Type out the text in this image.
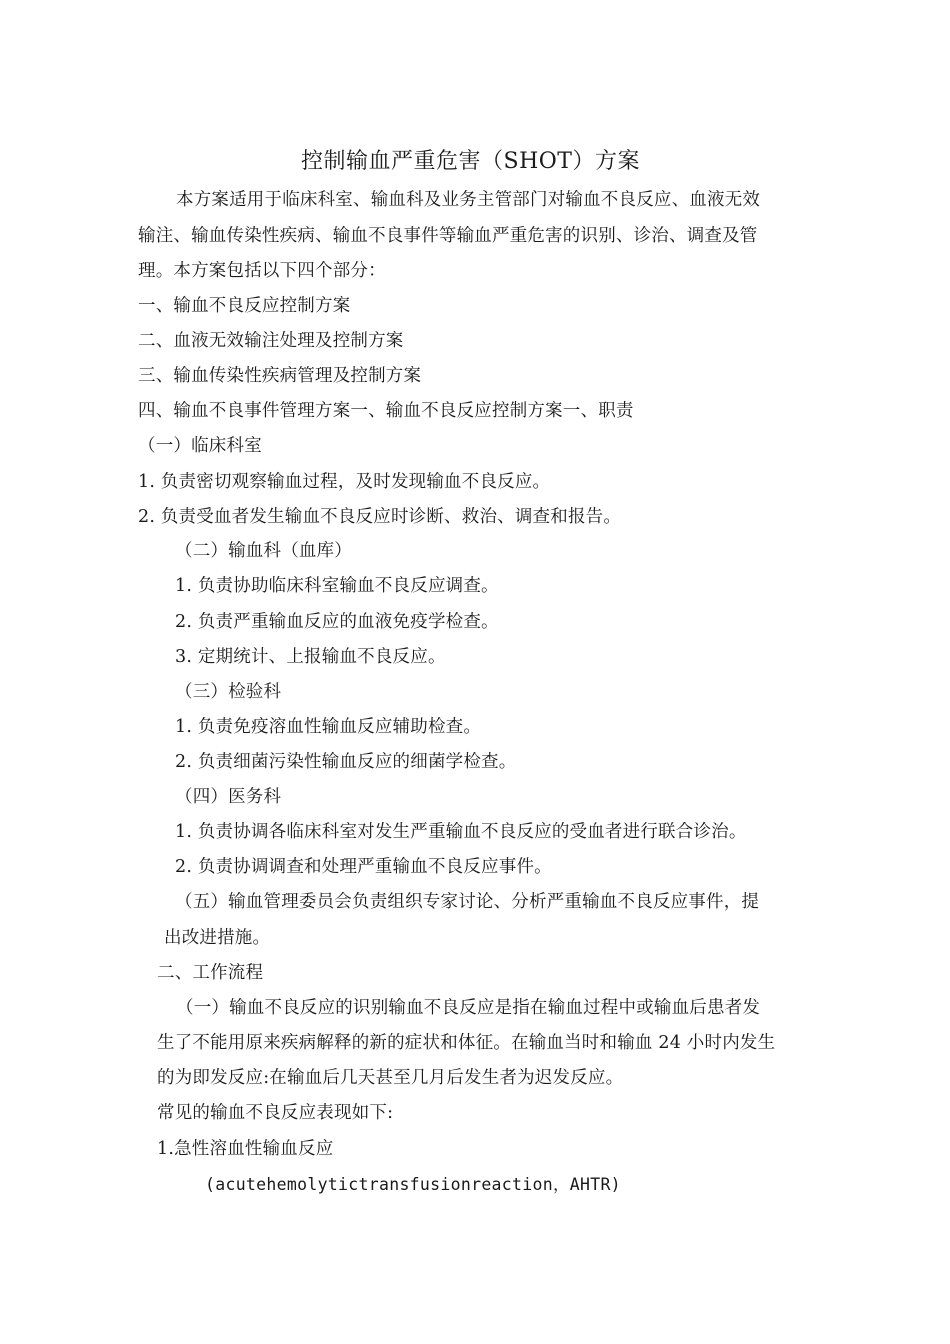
控制输血严重危害（SHOT）方案
本方案适用于临床科室、输血科及业务主管部门对输血不良反应、血液无效
输注、输血传染性疾病、输血不良事件等输血严重危害的识别、诊治、调查及管
理。本方案包括以下四个部分：
一、输血不良反应控制方案
二、血液无效输注处理及控制方案
三、输血传染性疾病管理及控制方案
四、输血不良事件管理方案一、输血不良反应控制方案一、职责
（一）临床科室
1. 负责密切观察输血过程，及时发现输血不良反应。
2. 负责受血者发生输血不良反应时诊断、救治、调查和报告。
（二）输血科（血库）
1. 负责协助临床科室输血不良反应调查。
2. 负责严重输血反应的血液免疫学检查。
3. 定期统计、上报输血不良反应。
（三）检验科
1. 负责免疫溶血性输血反应辅助检查。
2. 负责细菌污染性输血反应的细菌学检查。
（四）医务科
1. 负责协调各临床科室对发生严重输血不良反应的受血者进行联合诊治。
2. 负责协调调查和处理严重输血不良反应事件。
（五）输血管理委员会负责组织专家讨论、分析严重输血不良反应事件，提
出改进措施。
二、工作流程
（一）输血不良反应的识别输血不良反应是指在输血过程中或输血后患者发
生了不能用原来疾病解释的新的症状和体征。在输血当时和输血 24 小时内发生
的为即发反应:在输血后几天甚至几月后发生者为迟发反应。
常见的输血不良反应表现如下:
1.急性溶血性输血反应
(acutehemolytictransfusionreaction，AHTR)
